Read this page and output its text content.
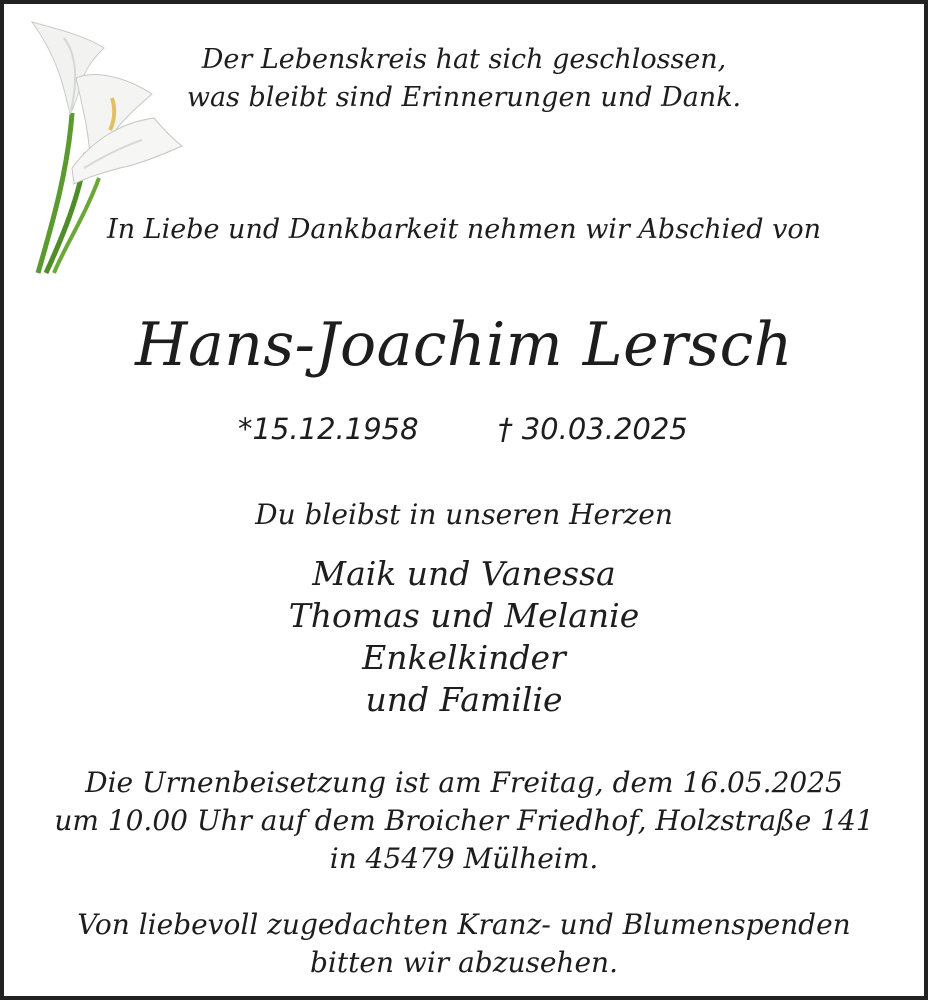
Der Lebenskreis hat sich geschlossen,
was bleibt sind Erinnerungen und Dank.
In Liebe und Dankbarkeit nehmen wir Abschied von
Hans-Joachim Lersch
*15.12.1958	† 30.03.2025
Du bleibst in unseren Herzen
Maik und Vanessa
Thomas und Melanie
Enkelkinder
und Familie
Die Urnenbeisetzung ist am Freitag, dem 16.05.2025
um 10.00 Uhr auf dem Broicher Friedhof, Holzstraße 141
in 45479 Mülheim.
Von liebevoll zugedachten Kranz- und Blumenspenden
bitten wir abzusehen.
